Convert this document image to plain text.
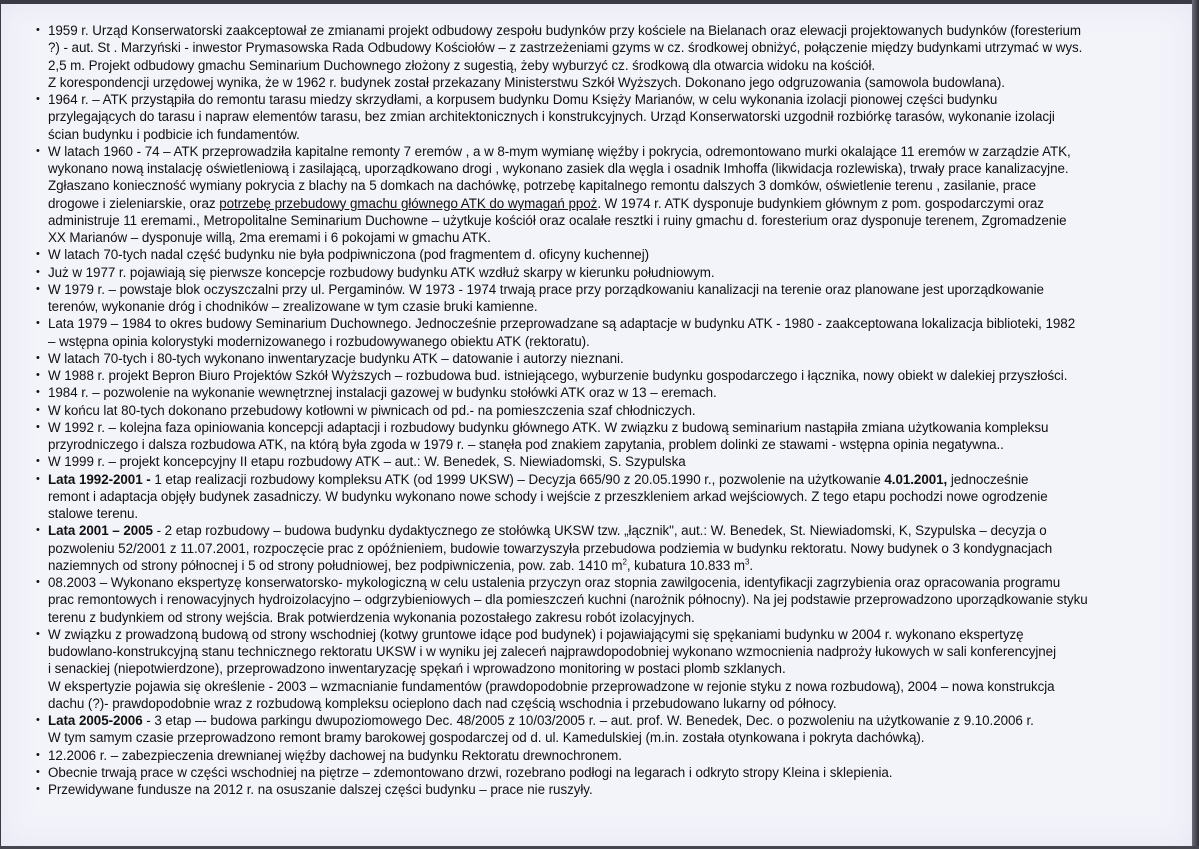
• 1959 r. Urząd Konserwatorski zaakceptował ze zmianami projekt odbudowy zespołu budynków przy kościele na Bielanach oraz elewacji projektowanych budynków (foresterium
?) - aut. St . Marzyński - inwestor Prymasowska Rada Odbudowy Kościołów – z zastrzeżeniami gzyms w cz. środkowej obniżyć, połączenie między budynkami utrzymać w wys.
2,5 m. Projekt odbudowy gmachu Seminarium Duchownego złożony z sugestią, żeby wyburzyć cz. środkową dla otwarcia widoku na kościół.
Z korespondencji urzędowej wynika, że w 1962 r. budynek został przekazany Ministerstwu Szkół Wyższych. Dokonano jego odgruzowania (samowola budowlana).
• 1964 r. – ATK przystąpiła do remontu tarasu miedzy skrzydłami, a korpusem budynku Domu Księży Marianów, w celu wykonania izolacji pionowej części budynku
przylegających do tarasu i napraw elementów tarasu, bez zmian architektonicznych i konstrukcyjnych. Urząd Konserwatorski uzgodnił rozbiórkę tarasów, wykonanie izolacji
ścian budynku i podbicie ich fundamentów.
• W latach 1960 - 74 – ATK przeprowadziła kapitalne remonty 7 eremów , a w 8-mym wymianę więźby i pokrycia, odremontowano murki okalające 11 eremów w zarządzie ATK,
wykonano nową instalację oświetleniową i zasilającą, uporządkowano drogi , wykonano zasiek dla węgla i osadnik Imhoffa (likwidacja rozlewiska), trwały prace kanalizacyjne.
Zgłaszano konieczność wymiany pokrycia z blachy na 5 domkach na dachówkę, potrzebę kapitalnego remontu dalszych 3 domków, oświetlenie terenu , zasilanie, prace
drogowe i zieleniarskie, oraz potrzebę przebudowy gmachu głównego ATK do wymagań ppoż. W 1974 r. ATK dysponuje budynkiem głównym z pom. gospodarczymi oraz
administruje 11 eremami., Metropolitalne Seminarium Duchowne – użytkuje kościół oraz ocalałe resztki i ruiny gmachu d. foresterium oraz dysponuje terenem, Zgromadzenie
XX Marianów – dysponuje willą, 2ma eremami i 6 pokojami w gmachu ATK.
• W latach 70-tych nadal część budynku nie była podpiwniczona (pod fragmentem d. oficyny kuchennej)
• Już w 1977 r. pojawiają się pierwsze koncepcje rozbudowy budynku ATK wzdłuż skarpy w kierunku południowym.
• W 1979 r. – powstaje blok oczyszczalni przy ul. Pergaminów. W 1973 - 1974 trwają prace przy porządkowaniu kanalizacji na terenie oraz planowane jest uporządkowanie
terenów, wykonanie dróg i chodników – zrealizowane w tym czasie bruki kamienne.
• Lata 1979 – 1984 to okres budowy Seminarium Duchownego. Jednocześnie przeprowadzane są adaptacje w budynku ATK - 1980 - zaakceptowana lokalizacja biblioteki, 1982
– wstępna opinia kolorystyki modernizowanego i rozbudowywanego obiektu ATK (rektoratu).
• W latach 70-tych i 80-tych wykonano inwentaryzacje budynku ATK – datowanie i autorzy nieznani.
• W 1988 r. projekt Bepron Biuro Projektów Szkół Wyższych – rozbudowa bud. istniejącego, wyburzenie budynku gospodarczego i łącznika, nowy obiekt w dalekiej przyszłości.
• 1984 r. – pozwolenie na wykonanie wewnętrznej instalacji gazowej w budynku stołówki ATK oraz w 13 – eremach.
• W końcu lat 80-tych dokonano przebudowy kotłowni w piwnicach od pd.- na pomieszczenia szaf chłodniczych.
• W 1992 r. – kolejna faza opiniowania koncepcji adaptacji i rozbudowy budynku głównego ATK. W związku z budową seminarium nastąpiła zmiana użytkowania kompleksu
przyrodniczego i dalsza rozbudowa ATK, na którą była zgoda w 1979 r. – stanęła pod znakiem zapytania, problem dolinki ze stawami - wstępna opinia negatywna..
• W 1999 r. – projekt koncepcyjny II etapu rozbudowy ATK – aut.: W. Benedek, S. Niewiadomski, S. Szypulska
• Lata 1992-2001 - 1 etap realizacji rozbudowy kompleksu ATK (od 1999 UKSW) – Decyzja 665/90 z 20.05.1990 r., pozwolenie na użytkowanie 4.01.2001, jednocześnie
remont i adaptacja objęły budynek zasadniczy. W budynku wykonano nowe schody i wejście z przeszkleniem arkad wejściowych. Z tego etapu pochodzi nowe ogrodzenie
stalowe terenu.
• Lata 2001 – 2005 - 2 etap rozbudowy – budowa budynku dydaktycznego ze stołówką UKSW tzw. „łącznik", aut.: W. Benedek, St. Niewiadomski, K, Szypulska – decyzja o
pozwoleniu 52/2001 z 11.07.2001, rozpoczęcie prac z opóźnieniem, budowie towarzyszyła przebudowa podziemia w budynku rektoratu. Nowy budynek o 3 kondygnacjach
naziemnych od strony północnej i 5 od strony południowej, bez podpiwniczenia, pow. zab. 1410 $m^2$, kubatura 10.833 $m^3$.
• 08.2003 – Wykonano ekspertyzę konserwatorsko- mykologiczną w celu ustalenia przyczyn oraz stopnia zawilgocenia, identyfikacji zagrzybienia oraz opracowania programu
prac remontowych i renowacyjnych hydroizolacyjno – odgrzybieniowych – dla pomieszczeń kuchni (narożnik północny). Na jej podstawie przeprowadzono uporządkowanie styku
terenu z budynkiem od strony wejścia. Brak potwierdzenia wykonania pozostałego zakresu robót izolacyjnych.
• W związku z prowadzoną budową od strony wschodniej (kotwy gruntowe idące pod budynek) i pojawiającymi się spękaniami budynku w 2004 r. wykonano ekspertyzę
budowlano-konstrukcyjną stanu technicznego rektoratu UKSW i w wyniku jej zaleceń najprawdopodobniej wykonano wzmocnienia nadproży łukowych w sali konferencyjnej
i senackiej (niepotwierdzone), przeprowadzono inwentaryzację spękań i wprowadzono monitoring w postaci plomb szklanych.
W ekspertyzie pojawia się określenie - 2003 – wzmacnianie fundamentów (prawdopodobnie przeprowadzone w rejonie styku z nowa rozbudową), 2004 – nowa konstrukcja
dachu (?)- prawdopodobnie wraz z rozbudową kompleksu ocieplono dach nad częścią wschodnia i przebudowano lukarny od północy.
• Lata 2005-2006 - 3 etap –- budowa parkingu dwupoziomowego Dec. 48/2005 z 10/03/2005 r. – aut. prof. W. Benedek, Dec. o pozwoleniu na użytkowanie z 9.10.2006 r.
W tym samym czasie przeprowadzono remont bramy barokowej gospodarczej od d. ul. Kamedulskiej (m.in. została otynkowana i pokryta dachówką).
• 12.2006 r. – zabezpieczenia drewnianej więźby dachowej na budynku Rektoratu drewnochronem.
• Obecnie trwają prace w części wschodniej na piętrze – zdemontowano drzwi, rozebrano podłogi na legarach i odkryto stropy Kleina i sklepienia.
• Przewidywane fundusze na 2012 r. na osuszanie dalszej części budynku – prace nie ruszyły.
